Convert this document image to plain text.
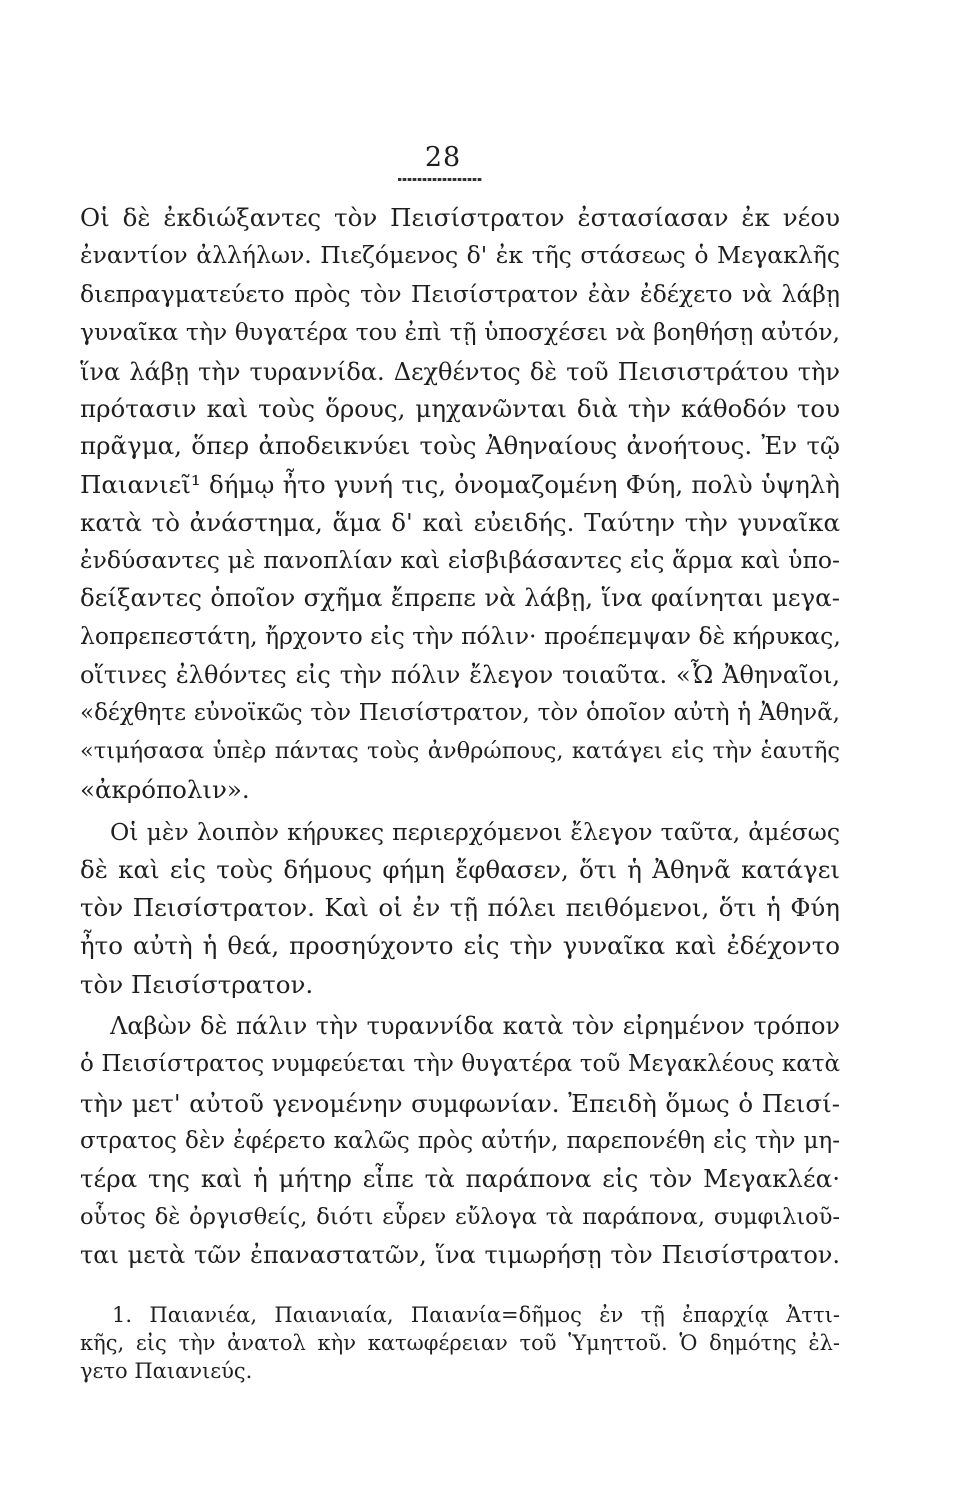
28
Οἱ δὲ ἐκδιώξαντες τὸν Πεισίστρατον ἐστασίασαν ἐκ νέου
ἐναντίον ἀλλήλων. Πιεζόμενος δ' ἐκ τῆς στάσεως ὁ Μεγακλῆς
διεπραγματεύετο πρὸς τὸν Πεισίστρατον ἐὰν ἐδέχετο νὰ λάβῃ
γυναῖκα τὴν θυγατέρα του ἐπὶ τῇ ὑποσχέσει νὰ βοηθήσῃ αὐτόν,
ἵνα λάβῃ τὴν τυραννίδα. Δεχθέντος δὲ τοῦ Πεισιστράτου τὴν
πρότασιν καὶ τοὺς ὅρους, μηχανῶνται διὰ τὴν κάθοδόν του
πρᾶγμα, ὅπερ ἀποδεικνύει τοὺς Ἀθηναίους ἀνοήτους. Ἐν τῷ
Παιανιεῖ¹ δήμῳ ἦτο γυνή τις, ὀνομαζομένη Φύη, πολὺ ὑψηλὴ
κατὰ τὸ ἀνάστημα, ἅμα δ' καὶ εὐειδής. Ταύτην τὴν γυναῖκα
ἐνδύσαντες μὲ πανοπλίαν καὶ εἰσβιβάσαντες εἰς ἅρμα καὶ ὑπο-
δείξαντες ὁποῖον σχῆμα ἔπρεπε νὰ λάβῃ, ἵνα φαίνηται μεγα-
λοπρεπεστάτη, ἤρχοντο εἰς τὴν πόλιν· προέπεμψαν δὲ κήρυκας,
οἵτινες ἐλθόντες εἰς τὴν πόλιν ἔλεγον τοιαῦτα. «Ὦ Ἀθηναῖοι,
«δέχθητε εὐνοϊκῶς τὸν Πεισίστρατον, τὸν ὁποῖον αὐτὴ ἡ Ἀθηνᾶ,
«τιμήσασα ὑπὲρ πάντας τοὺς ἀνθρώπους, κατάγει εἰς τὴν ἑαυτῆς
«ἀκρόπολιν».
Οἱ μὲν λοιπὸν κήρυκες περιερχόμενοι ἔλεγον ταῦτα, ἀμέσως
δὲ καὶ εἰς τοὺς δήμους φήμη ἔφθασεν, ὅτι ἡ Ἀθηνᾶ κατάγει
τὸν Πεισίστρατον. Καὶ οἱ ἐν τῇ πόλει πειθόμενοι, ὅτι ἡ Φύη
ἦτο αὐτὴ ἡ θεά, προσηύχοντο εἰς τὴν γυναῖκα καὶ ἐδέχοντο
τὸν Πεισίστρατον.
Λαβὼν δὲ πάλιν τὴν τυραννίδα κατὰ τὸν εἰρημένον τρόπον
ὁ Πεισίστρατος νυμφεύεται τὴν θυγατέρα τοῦ Μεγακλέους κατὰ
τὴν μετ' αὐτοῦ γενομένην συμφωνίαν. Ἐπειδὴ ὅμως ὁ Πεισί-
στρατος δὲν ἐφέρετο καλῶς πρὸς αὐτήν, παρεπονέθη εἰς τὴν μη-
τέρα της καὶ ἡ μήτηρ εἶπε τὰ παράπονα εἰς τὸν Μεγακλέα·
οὗτος δὲ ὀργισθείς, διότι εὗρεν εὔλογα τὰ παράπονα, συμφιλιοῦ-
ται μετὰ τῶν ἐπαναστατῶν, ἵνα τιμωρήσῃ τὸν Πεισίστρατον.
1. Παιανιέα, Παιανιαία, Παιανία=δῆμος ἐν τῇ ἐπαρχίᾳ Ἀττι-
κῆς, εἰς τὴν ἀνατολ κὴν κατωφέρειαν τοῦ Ὑμηττοῦ. Ὁ δημότης ἐλ-
γετο Παιανιεύς.
